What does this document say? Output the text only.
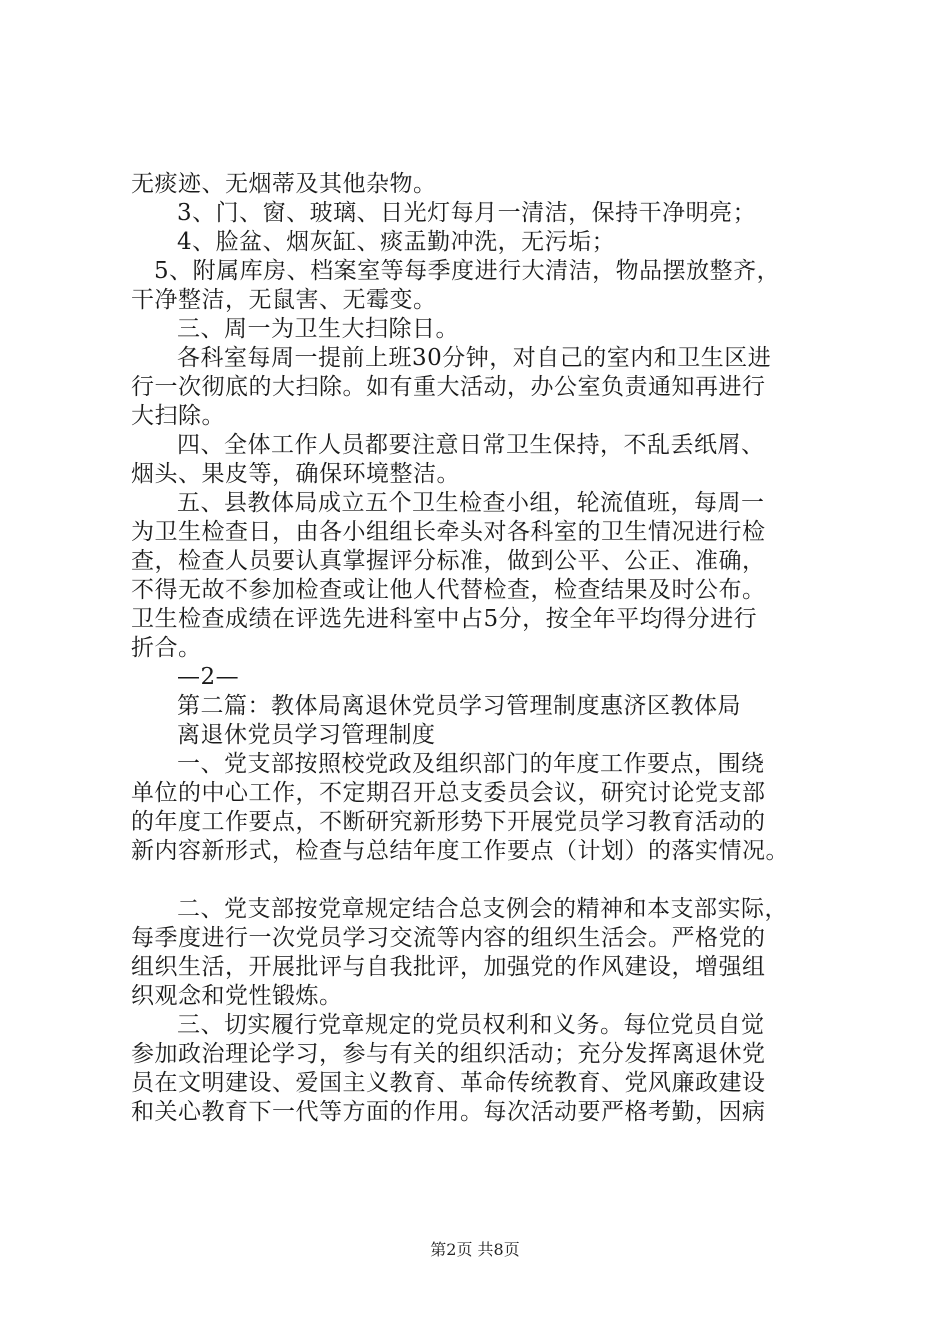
无痰迹、无烟蒂及其他杂物。
3、门、窗、玻璃、日光灯每月一清洁，保持干净明亮；
4、脸盆、烟灰缸、痰盂勤冲洗，无污垢；
5、附属库房、档案室等每季度进行大清洁，物品摆放整齐，
干净整洁，无鼠害、无霉变。
三、周一为卫生大扫除日。
各科室每周一提前上班30分钟，对自己的室内和卫生区进
行一次彻底的大扫除。如有重大活动，办公室负责通知再进行
大扫除。
四、全体工作人员都要注意日常卫生保持，不乱丢纸屑、
烟头、果皮等，确保环境整洁。
五、县教体局成立五个卫生检查小组，轮流值班，每周一
为卫生检查日，由各小组组长牵头对各科室的卫生情况进行检
查，检查人员要认真掌握评分标准，做到公平、公正、准确，
不得无故不参加检查或让他人代替检查，检查结果及时公布。
卫生检查成绩在评选先进科室中占5分，按全年平均得分进行
折合。
—2—
第二篇：教体局离退休党员学习管理制度惠济区教体局
离退休党员学习管理制度
一、党支部按照校党政及组织部门的年度工作要点，围绕
单位的中心工作，不定期召开总支委员会议，研究讨论党支部
的年度工作要点，不断研究新形势下开展党员学习教育活动的
新内容新形式，检查与总结年度工作要点（计划）的落实情况。
二、党支部按党章规定结合总支例会的精神和本支部实际，
每季度进行一次党员学习交流等内容的组织生活会。严格党的
组织生活，开展批评与自我批评，加强党的作风建设，增强组
织观念和党性锻炼。
三、切实履行党章规定的党员权利和义务。每位党员自觉
参加政治理论学习，参与有关的组织活动；充分发挥离退休党
员在文明建设、爱国主义教育、革命传统教育、党风廉政建设
和关心教育下一代等方面的作用。每次活动要严格考勤，因病
第2页 共8页
